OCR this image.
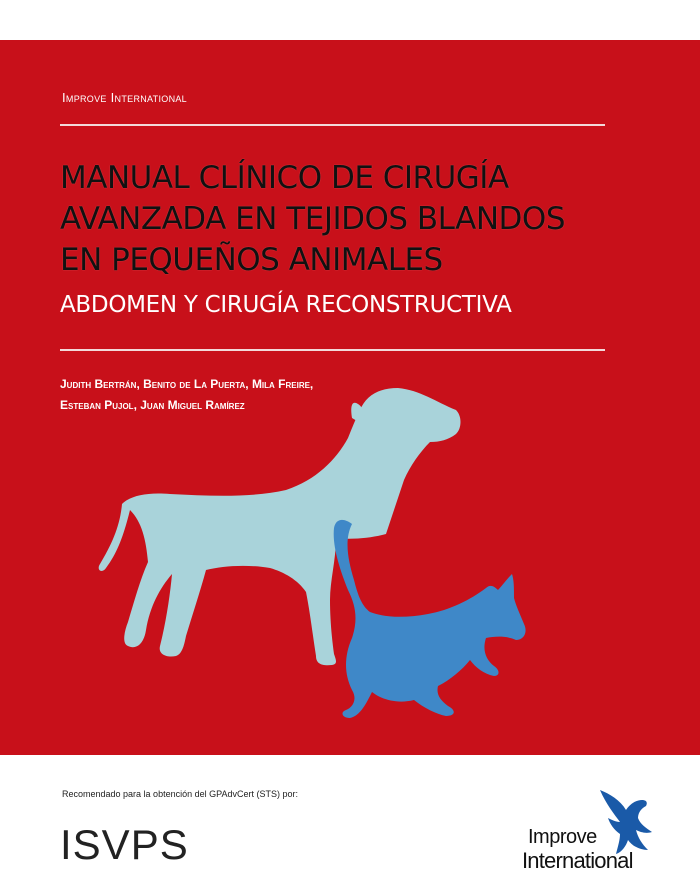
Improve International
MANUAL CLÍNICO DE CIRUGÍA
AVANZADA EN TEJIDOS BLANDOS
EN PEQUEÑOS ANIMALES
ABDOMEN Y CIRUGÍA RECONSTRUCTIVA
Judith Bertrán, Benito de La Puerta, Mila Freire,
Esteban Pujol, Juan Miguel Ramírez
Recomendado para la obtención del GPAdvCert (STS) por:
ISVPS	Improve
International
